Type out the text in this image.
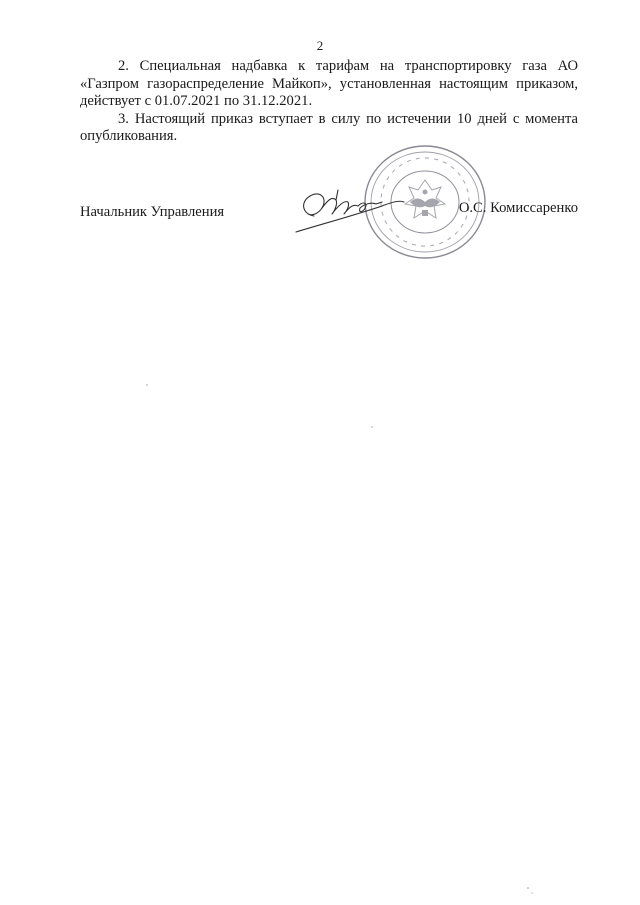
2

2. Специальная надбавка к тарифам на транспортировку газа АО «Газпром газораспределение Майкоп», установленная настоящим приказом, действует с 01.07.2021 по 31.12.2021.

3. Настоящий приказ вступает в силу по истечении 10 дней с момента опубликования.

Начальник Управления	О.С. Комиссаренко
